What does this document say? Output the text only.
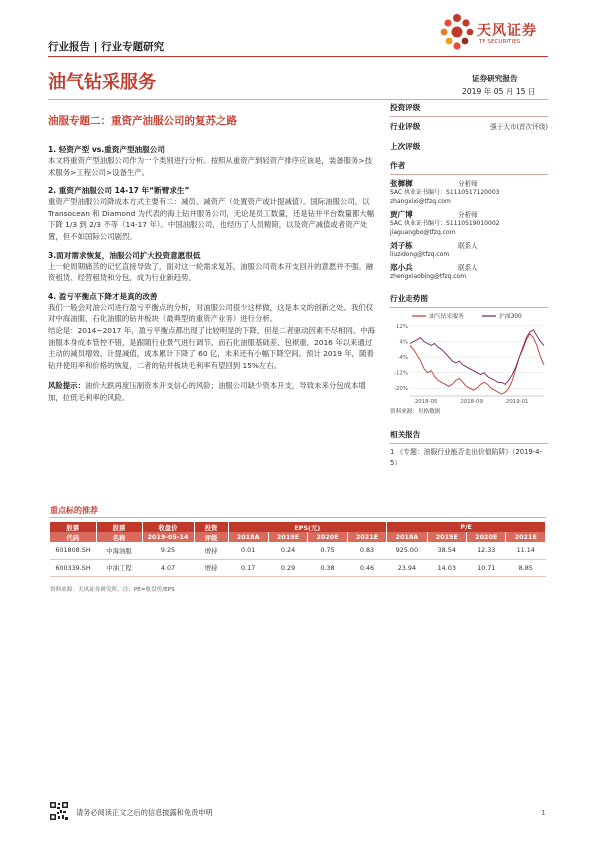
行业报告 | 行业专题研究
天风证券
TF SECURITIES
油气钻采服务	证券研究报告
2019 年 05 月 15 日
油服专题二：重资产油服公司的复苏之路
1. 轻资产型 vs.重资产型油服公司
本文将重资产型油服公司作为一个类别进行分析。按照从重资产到轻资产排序应该是，装备服务>技术服务>工程公司>设备生产。
2. 重资产油服公司 14-17 年“断臂求生”
重资产型油服公司降成本方式主要有二：减员、减资产（处置资产或计提减值）。国际油服公司，以 Transocean 和 Diamond 为代表的海上钻井服务公司，无论是员工数量，还是钻井平台数量都大幅下降 1/3 到 2/3 不等（14-17 年）。中国油服公司，也经历了人员精简，以及资产减值或者资产处置，但不如国际公司剧烈。
3.面对需求恢复，油服公司扩大投资意愿很低
上一轮周期痛苦的记忆直接导致了，面对这一轮需求复苏，油服公司资本开支回升的意愿并不强。融资租赁、经营租赁和分包，成为行业新趋势。
4. 盈亏平衡点下降才是真的改善
我们一般会对油公司进行盈亏平衡点的分析，对油服公司很少这样做，这是本文的创新之处。我们仅对中海油服、石化油服的钻井板块（最典型的重资产业务）进行分析。
结论是：2014~2017 年，盈亏平衡点都出现了比较明显的下降，但是二者驱动因素不尽相同。中海油服本身成本管控不错，是跟随行业景气进行调节。而石化油服基础差、包袱重，2016 年以来通过主动的减员增效、计提减值，成本累计下降了 60 亿，未来还有小幅下降空间。预计 2019 年，随着钻井使用率和价格的恢复，二者的钻井板块毛利率有望回到 15%左右。
风险提示：油价大跌再度压制资本开支信心的风险；油服公司缺少资本开支，导致未来分包成本增加，拉低毛利率的风险。
投资评级
行业评级	强于大市(首次评级)
上次评级
作者
张樨樨	分析师
SAC 执业证书编号：S1110517120003
zhangxixi@tfzq.com
贾广博	分析师
SAC 执业证书编号：S1110519010002
jiaguangbo@tfzq.com
刘子栋	联系人
liuzidong@tfzq.com
郑小兵	联系人
zhengxiaobing@tfzq.com
行业走势图
油气钻采服务	沪深300
12%
4%
-4%
-12%
-20%
2018-05	2018-09	2019-01
资料来源：贝格数据
相关报告
1 《专题：油服行业能否走出价值陷阱》（2019-4-5）
重点标的推荐
股票	股票	收盘价	投资	EPS(元)				P/E			
代码	名称	2019-05-14	评级	2018A	2019E	2020E	2021E	2018A	2019E	2020E	2021E
601808.SH	中海油服	9.25	增持	0.01	0.24	0.75	0.83	925.00	38.54	12.33	11.14
600339.SH	中油工程	4.07	增持	0.17	0.29	0.38	0.46	23.94	14.03	10.71	8.85
资料来源：天风证券研究所，注：PE=收盘价/EPS
请务必阅读正文之后的信息披露和免责申明	1
